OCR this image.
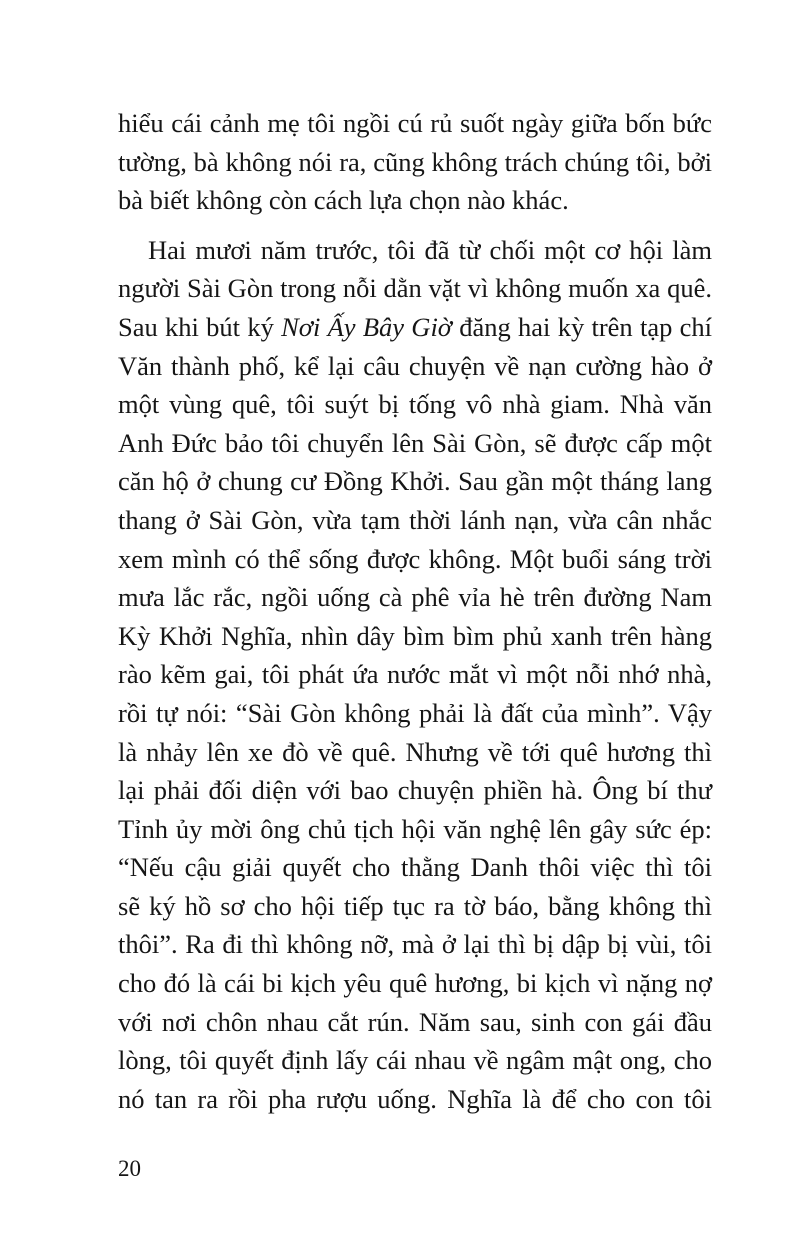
hiểu cái cảnh mẹ tôi ngồi cú rủ suốt ngày giữa bốn bức
tường, bà không nói ra, cũng không trách chúng tôi, bởi
bà biết không còn cách lựa chọn nào khác.
Hai mươi năm trước, tôi đã từ chối một cơ hội làm
người Sài Gòn trong nỗi dằn vặt vì không muốn xa quê.
Sau khi bút ký Nơi Ấy Bây Giờ đăng hai kỳ trên tạp chí
Văn thành phố, kể lại câu chuyện về nạn cường hào ở
một vùng quê, tôi suýt bị tống vô nhà giam. Nhà văn
Anh Đức bảo tôi chuyển lên Sài Gòn, sẽ được cấp một
căn hộ ở chung cư Đồng Khởi. Sau gần một tháng lang
thang ở Sài Gòn, vừa tạm thời lánh nạn, vừa cân nhắc
xem mình có thể sống được không. Một buổi sáng trời
mưa lắc rắc, ngồi uống cà phê vỉa hè trên đường Nam
Kỳ Khởi Nghĩa, nhìn dây bìm bìm phủ xanh trên hàng
rào kẽm gai, tôi phát ứa nước mắt vì một nỗi nhớ nhà,
rồi tự nói: “Sài Gòn không phải là đất của mình”. Vậy
là nhảy lên xe đò về quê. Nhưng về tới quê hương thì
lại phải đối diện với bao chuyện phiền hà. Ông bí thư
Tỉnh ủy mời ông chủ tịch hội văn nghệ lên gây sức ép:
“Nếu cậu giải quyết cho thằng Danh thôi việc thì tôi
sẽ ký hồ sơ cho hội tiếp tục ra tờ báo, bằng không thì
thôi”. Ra đi thì không nỡ, mà ở lại thì bị dập bị vùi, tôi
cho đó là cái bi kịch yêu quê hương, bi kịch vì nặng nợ
với nơi chôn nhau cắt rún. Năm sau, sinh con gái đầu
lòng, tôi quyết định lấy cái nhau về ngâm mật ong, cho
nó tan ra rồi pha rượu uống. Nghĩa là để cho con tôi
20
